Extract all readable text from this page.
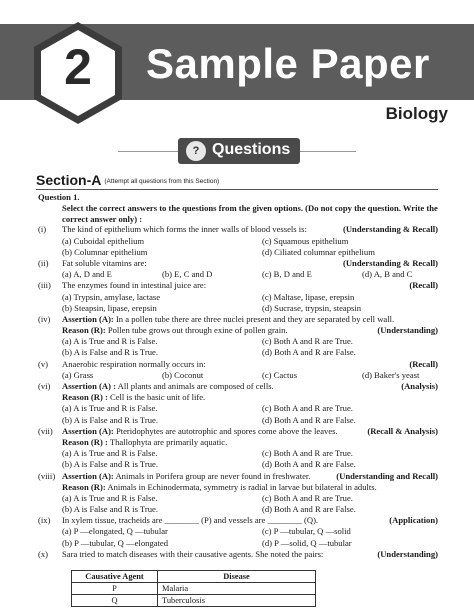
Sample Paper
2
Biology
? Questions
Section-A (Attempt all questions from this Section)
Question 1.
Select the correct answers to the questions from the given options. (Do not copy the question. Write the correct answer only) :
(i)	The kind of epithelium which forms the inner walls of blood vessels is:	(Understanding & Recall)
(a) Cuboidal epithelium	(c) Squamous epithelium
(b) Columnar epithelium	(d) Ciliated columnar epithelium
(ii)	Fat soluble vitamins are:	(Understanding & Recall)
(a) A, D and E	(b) E, C and D	(c) B, D and E	(d) A, B and C
(iii)	The enzymes found in intestinal juice are:	(Recall)
(a) Trypsin, amylase, lactase	(c) Maltase, lipase, erepsin
(b) Steapsin, lipase, erepsin	(d) Sucrase, trypsin, steapsin
(iv)	Assertion (A): In a pollen tube there are three nuclei present and they are separated by cell wall.
Reason (R): Pollen tube grows out through exine of pollen grain.	(Understanding)
(a) A is True and R is False.	(c) Both A and R are True.
(b) A is False and R is True.	(d) Both A and R are False.
(v)	Anaerobic respiration normally occurs in:	(Recall)
(a) Grass	(b) Coconut	(c) Cactus	(d) Baker's yeast
(vi)	Assertion (A) : All plants and animals are composed of cells.	(Analysis)
Reason (R) : Cell is the basic unit of life.
(a) A is True and R is False.	(c) Both A and R are True.
(b) A is False and R is True.	(d) Both A and R are False.
(vii)	Assertion (A): Pteridophytes are autotrophic and spores come above the leaves.	(Recall & Analysis)
Reason (R) : Thallophyta are primarily aquatic.
(a) A is True and R is False.	(c) Both A and R are True.
(b) A is False and R is True.	(d) Both A and R are False.
(viii) Assertion (A): Animals in Porifera group are never found in freshwater.	(Understanding and Recall)
Reason (R): Animals in Echinodermata, symmetry is radial in larvae but bilateral in adults.
(a) A is True and R is False.	(c) Both A and R are True.
(b) A is False and R is True.	(d) Both A and R are False.
(ix)	In xylem tissue, tracheids are ________ (P) and vessels are ________ (Q).	(Application)
(a) P —elongated, Q —tubular	(c) P —tubular, Q —solid
(b) P —tubular, Q —elongated	(d) P —solid, Q —tubular
(x)	Sara tried to match diseases with their causative agents. She noted the pairs:	(Understanding)
Causative Agent	Disease
P	Malaria
Q	Tuberculosis
